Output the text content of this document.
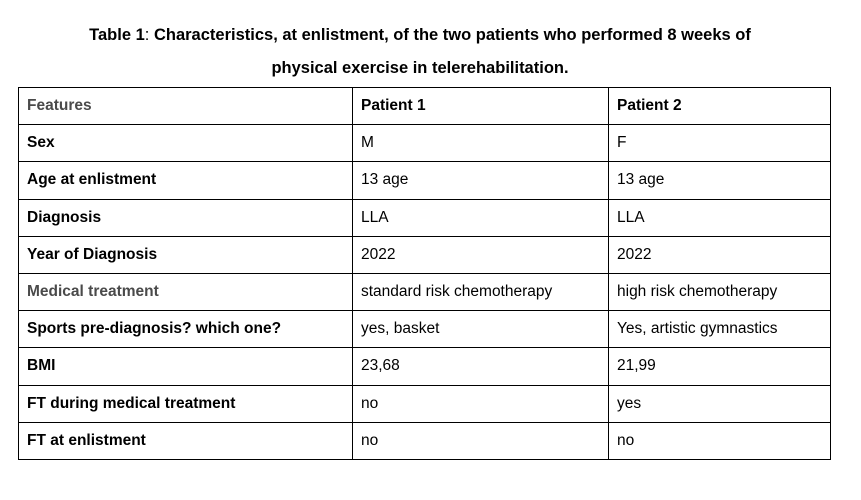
Table 1: Characteristics, at enlistment, of the two patients who performed 8 weeks of
physical exercise in telerehabilitation.
Features	Patient 1	Patient 2
Sex	M	F
Age at enlistment	13 age	13 age
Diagnosis	LLA	LLA
Year of Diagnosis	2022	2022
Medical treatment	standard risk chemotherapy	high risk chemotherapy
Sports pre-diagnosis? which one?	yes, basket	Yes, artistic gymnastics
BMI	23,68	21,99
FT during medical treatment	no	yes
FT at enlistment	no	no
